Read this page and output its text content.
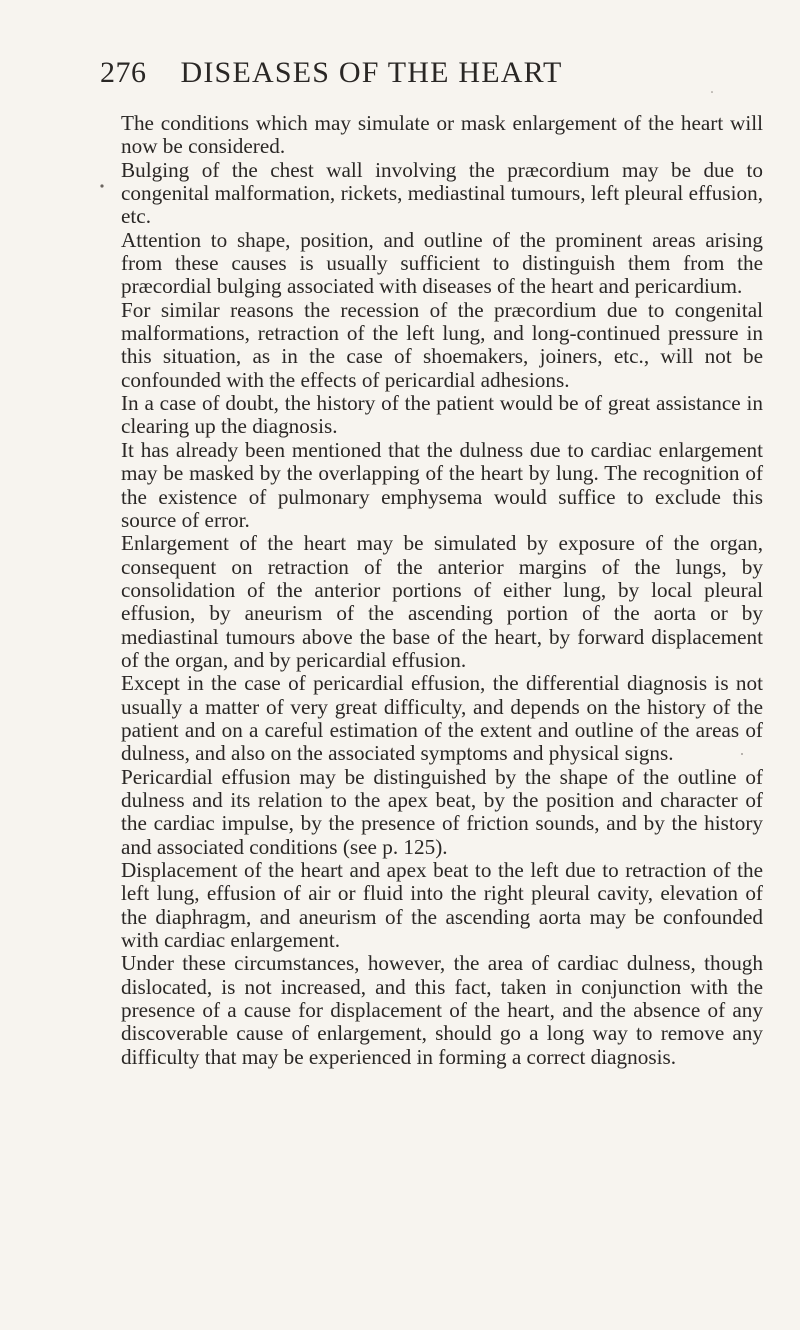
276 DISEASES OF THE HEART

The conditions which may simulate or mask enlargement of the heart will now be considered.

Bulging of the chest wall involving the præcordium may be due to congenital malformation, rickets, mediastinal tumours, left pleural effusion, etc.

Attention to shape, position, and outline of the prominent areas arising from these causes is usually sufficient to distinguish them from the præcordial bulging associated with diseases of the heart and pericardium.

For similar reasons the recession of the præcordium due to congenital malformations, retraction of the left lung, and long-continued pressure in this situation, as in the case of shoemakers, joiners, etc., will not be confounded with the effects of pericardial adhesions.

In a case of doubt, the history of the patient would be of great assistance in clearing up the diagnosis.

It has already been mentioned that the dulness due to cardiac enlargement may be masked by the overlapping of the heart by lung. The recognition of the existence of pulmonary emphysema would suffice to exclude this source of error.

Enlargement of the heart may be simulated by exposure of the organ, consequent on retraction of the anterior margins of the lungs, by consolidation of the anterior portions of either lung, by local pleural effusion, by aneurism of the ascending portion of the aorta or by mediastinal tumours above the base of the heart, by forward displacement of the organ, and by pericardial effusion.

Except in the case of pericardial effusion, the differential diagnosis is not usually a matter of very great difficulty, and depends on the history of the patient and on a careful estimation of the extent and outline of the areas of dulness, and also on the associated symptoms and physical signs.

Pericardial effusion may be distinguished by the shape of the outline of dulness and its relation to the apex beat, by the position and character of the cardiac impulse, by the presence of friction sounds, and by the history and associated conditions (see p. 125).

Displacement of the heart and apex beat to the left due to retraction of the left lung, effusion of air or fluid into the right pleural cavity, elevation of the diaphragm, and aneurism of the ascending aorta may be confounded with cardiac enlargement.

Under these circumstances, however, the area of cardiac dulness, though dislocated, is not increased, and this fact, taken in conjunction with the presence of a cause for displacement of the heart, and the absence of any discoverable cause of enlargement, should go a long way to remove any difficulty that may be experienced in forming a correct diagnosis.
